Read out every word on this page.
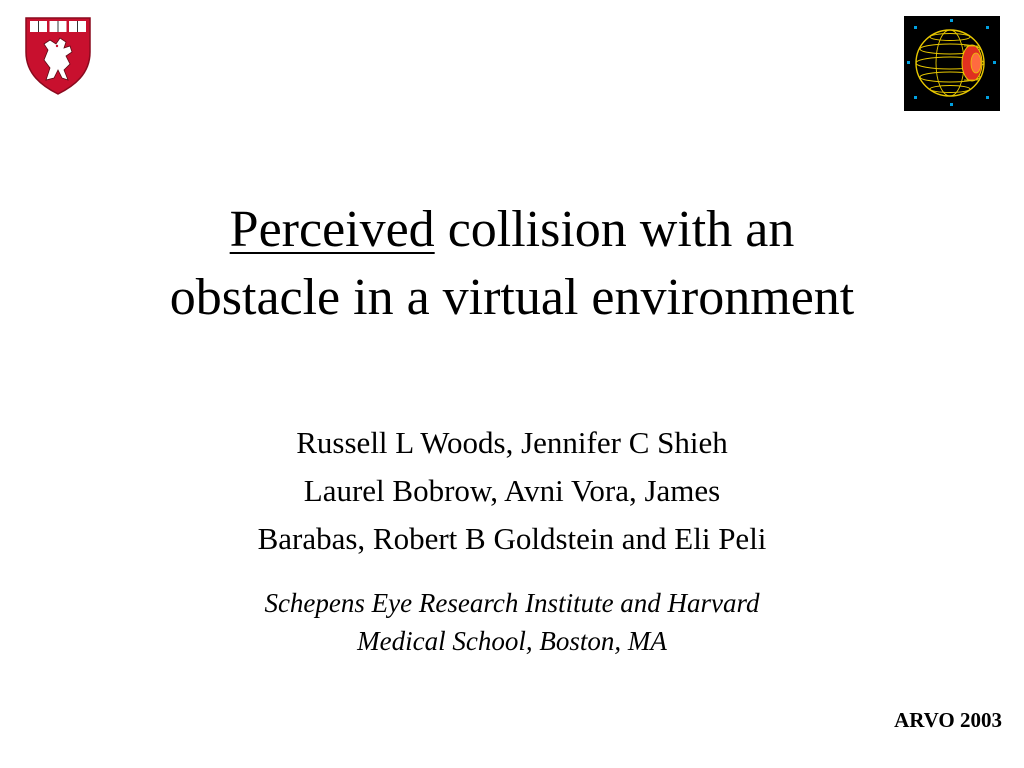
Perceived collision with an
obstacle in a virtual environment
Russell L Woods, Jennifer C Shieh
Laurel Bobrow, Avni Vora, James
Barabas, Robert B Goldstein and Eli Peli
Schepens Eye Research Institute and Harvard
Medical School, Boston, MA
ARVO 2003
